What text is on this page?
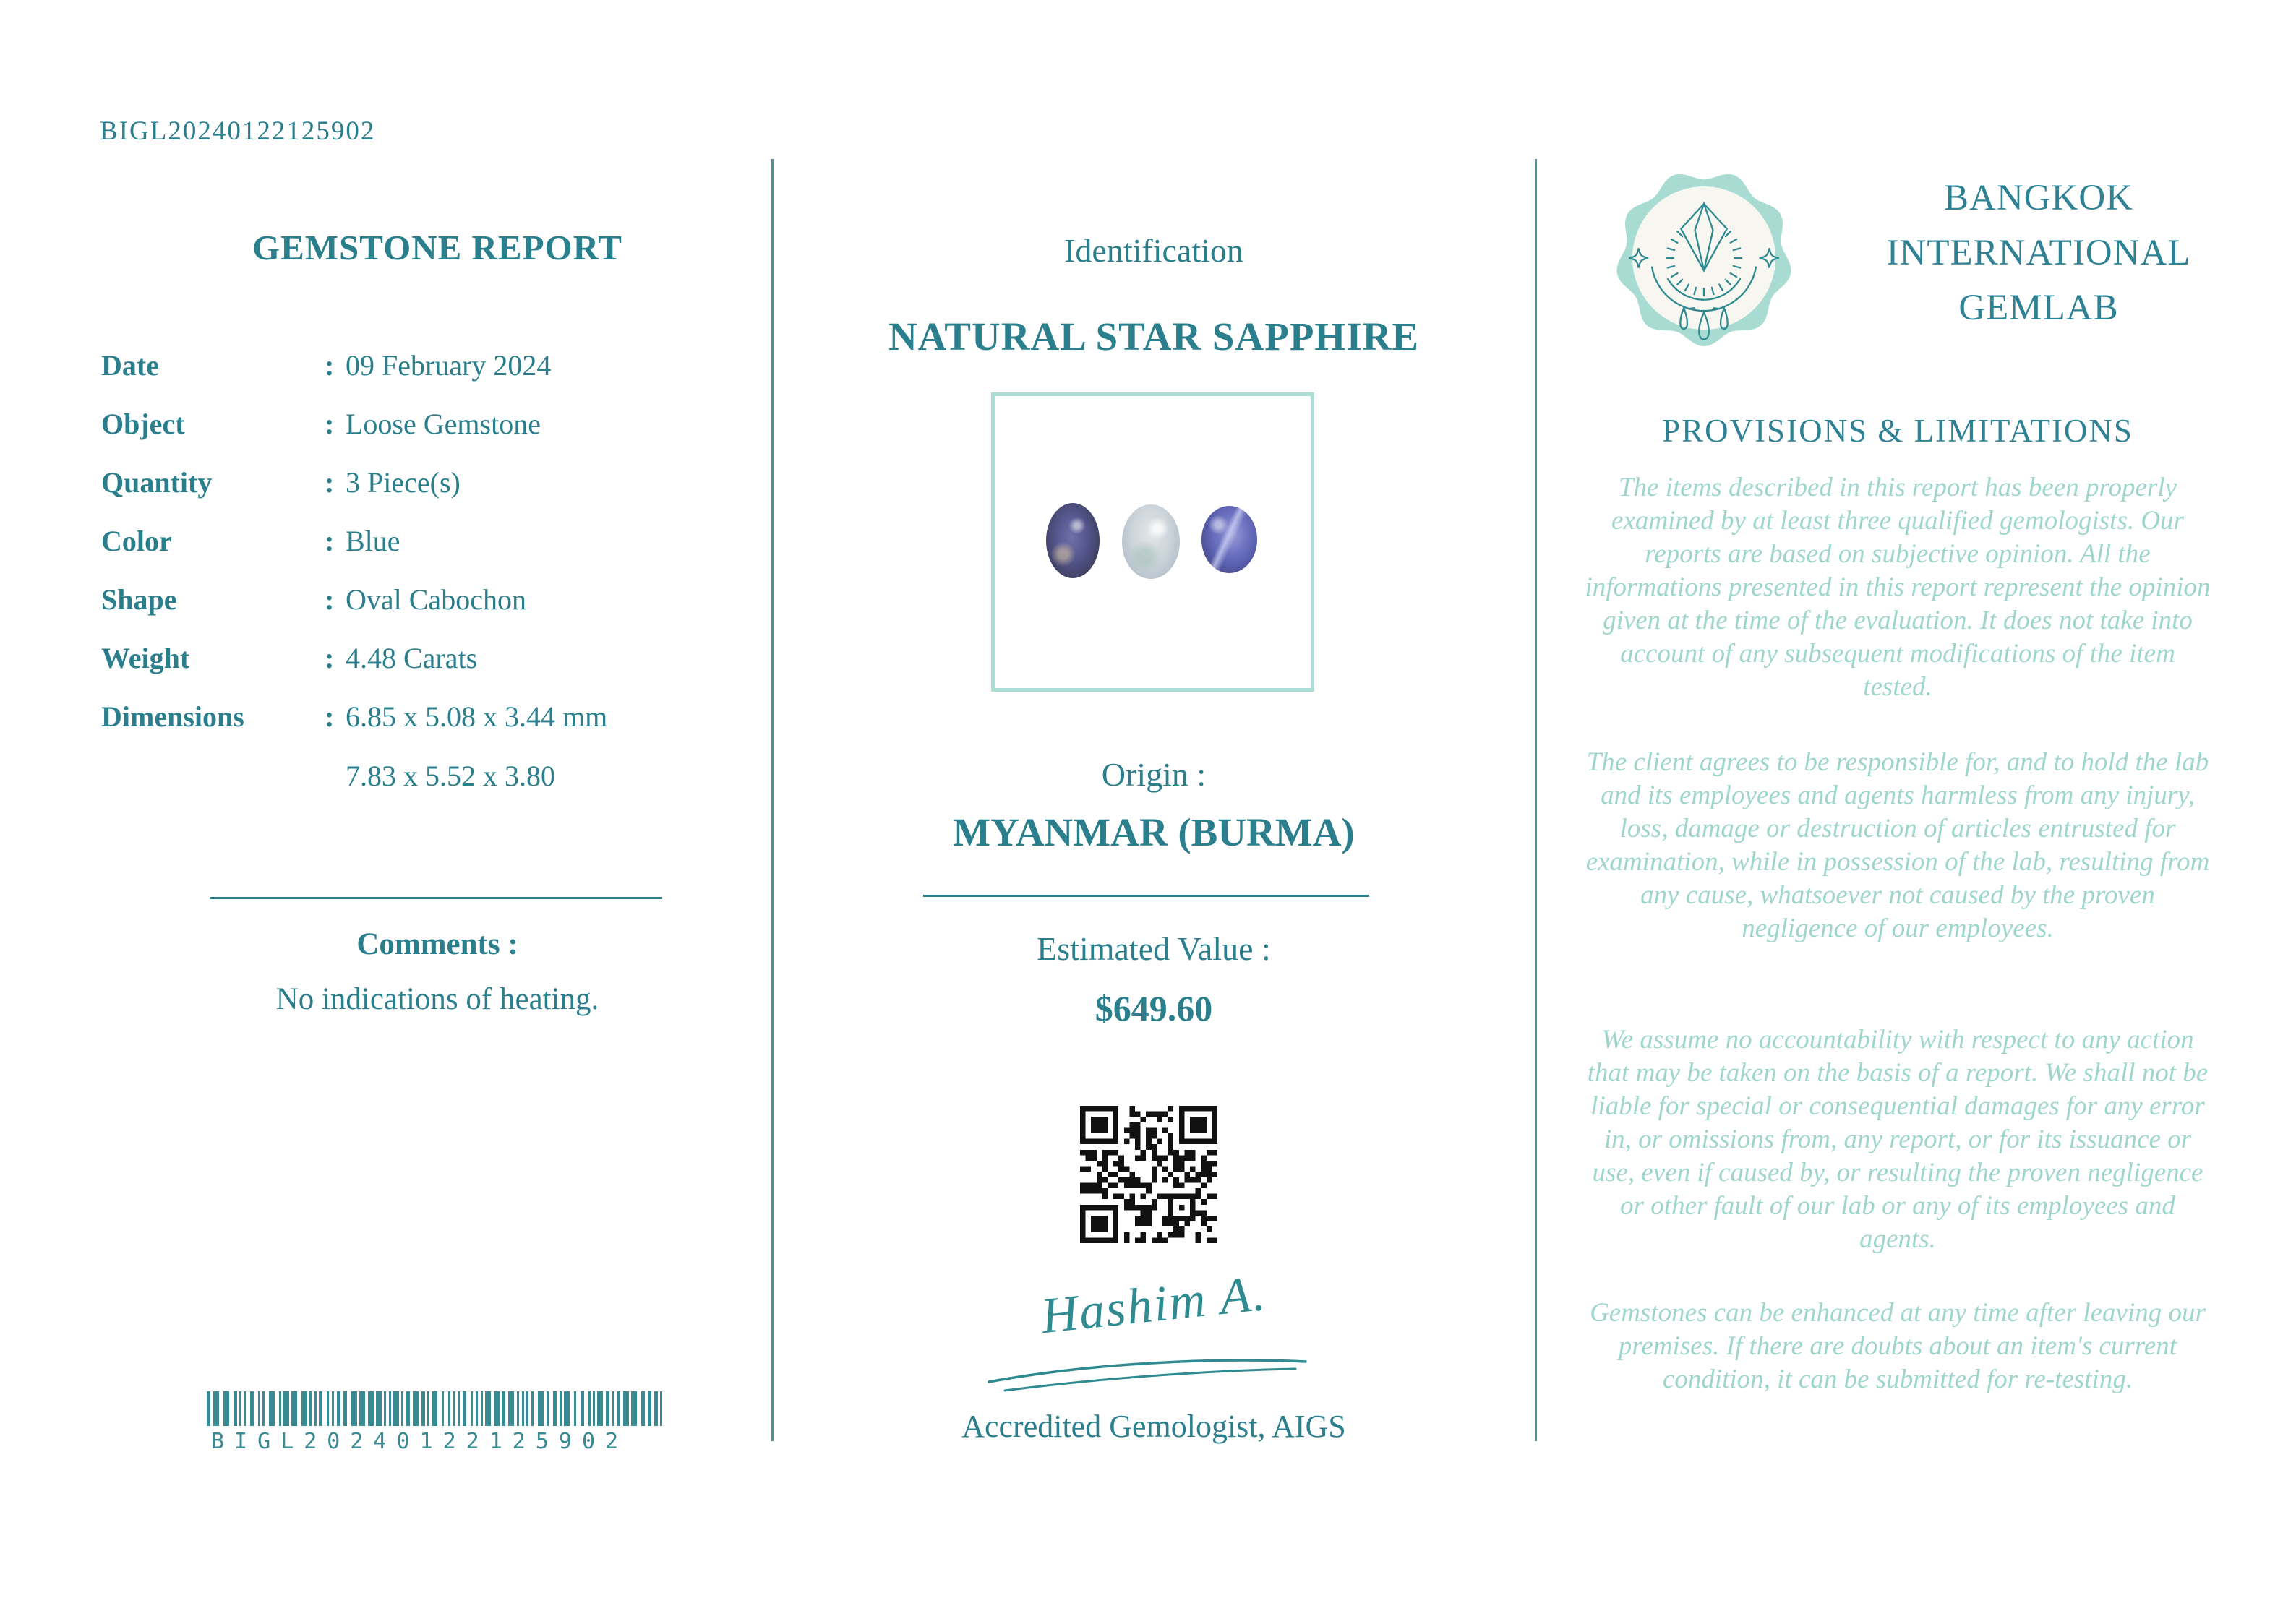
BIGL20240122125902
GEMSTONE REPORT
Date	: 09 February 2024
Object	: Loose Gemstone
Quantity	: 3 Piece(s)
Color	: Blue
Shape	: Oval Cabochon
Weight	: 4.48 Carats
Dimensions	: 6.85 x 5.08 x 3.44 mm
7.83 x 5.52 x 3.80
Comments :
No indications of heating.
BIGL20240122125902
Identification
NATURAL STAR SAPPHIRE
Origin :
MYANMAR (BURMA)
Estimated Value :
$649.60
Hashim A.
Accredited Gemologist, AIGS
BANGKOK
INTERNATIONAL
GEMLAB
PROVISIONS & LIMITATIONS

The items described in this report has been properly examined by at least three qualified gemologists. Our reports are based on subjective opinion. All the informations presented in this report represent the opinion given at the time of the evaluation. It does not take into account of any subsequent modifications of the item tested.

The client agrees to be responsible for, and to hold the lab and its employees and agents harmless from any injury, loss, damage or destruction of articles entrusted for examination, while in possession of the lab, resulting from any cause, whatsoever not caused by the proven negligence of our employees.

We assume no accountability with respect to any action that may be taken on the basis of a report. We shall not be liable for special or consequential damages for any error in, or omissions from, any report, or for its issuance or use, even if caused by, or resulting the proven negligence or other fault of our lab or any of its employees and agents.

Gemstones can be enhanced at any time after leaving our premises. If there are doubts about an item's current condition, it can be submitted for re-testing.
